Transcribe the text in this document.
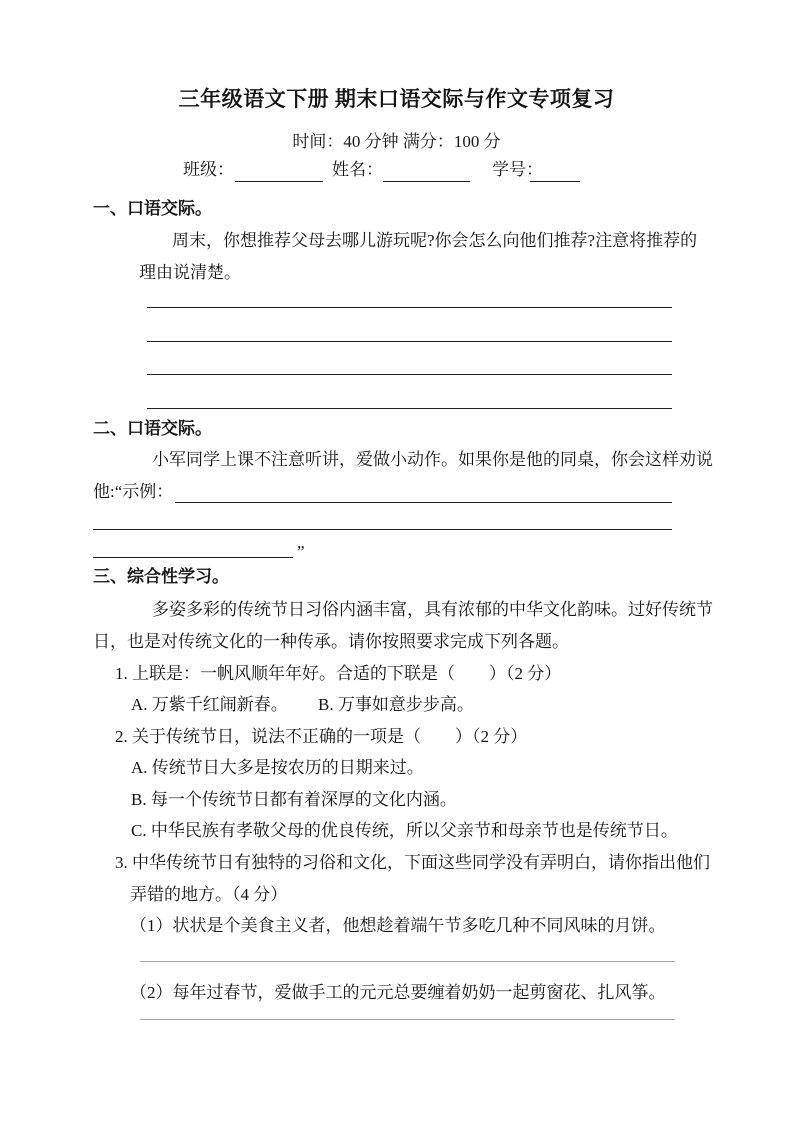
三年级语文下册 期末口语交际与作文专项复习
时间：40 分钟 满分：100 分
班级：	姓名：	学号：
一、口语交际。
周末，你想推荐父母去哪儿游玩呢?你会怎么向他们推荐?注意将推荐的
理由说清楚。
二、口语交际。
小军同学上课不注意听讲，爱做小动作。如果你是他的同桌，你会这样劝说
他:“示例：
”
三、综合性学习。
多姿多彩的传统节日习俗内涵丰富，具有浓郁的中华文化韵味。过好传统节
日，也是对传统文化的一种传承。请你按照要求完成下列各题。
1. 上联是：一帆风顺年年好。合适的下联是（　　）（2 分）
A. 万紫千红闹新春。 B. 万事如意步步高。
2. 关于传统节日，说法不正确的一项是（　　）（2 分）
A. 传统节日大多是按农历的日期来过。
B. 每一个传统节日都有着深厚的文化内涵。
C. 中华民族有孝敬父母的优良传统，所以父亲节和母亲节也是传统节日。
3. 中华传统节日有独特的习俗和文化，下面这些同学没有弄明白，请你指出他们
弄错的地方。（4 分）
（1）状状是个美食主义者，他想趁着端午节多吃几种不同风味的月饼。
（2）每年过春节，爱做手工的元元总要缠着奶奶一起剪窗花、扎风筝。
